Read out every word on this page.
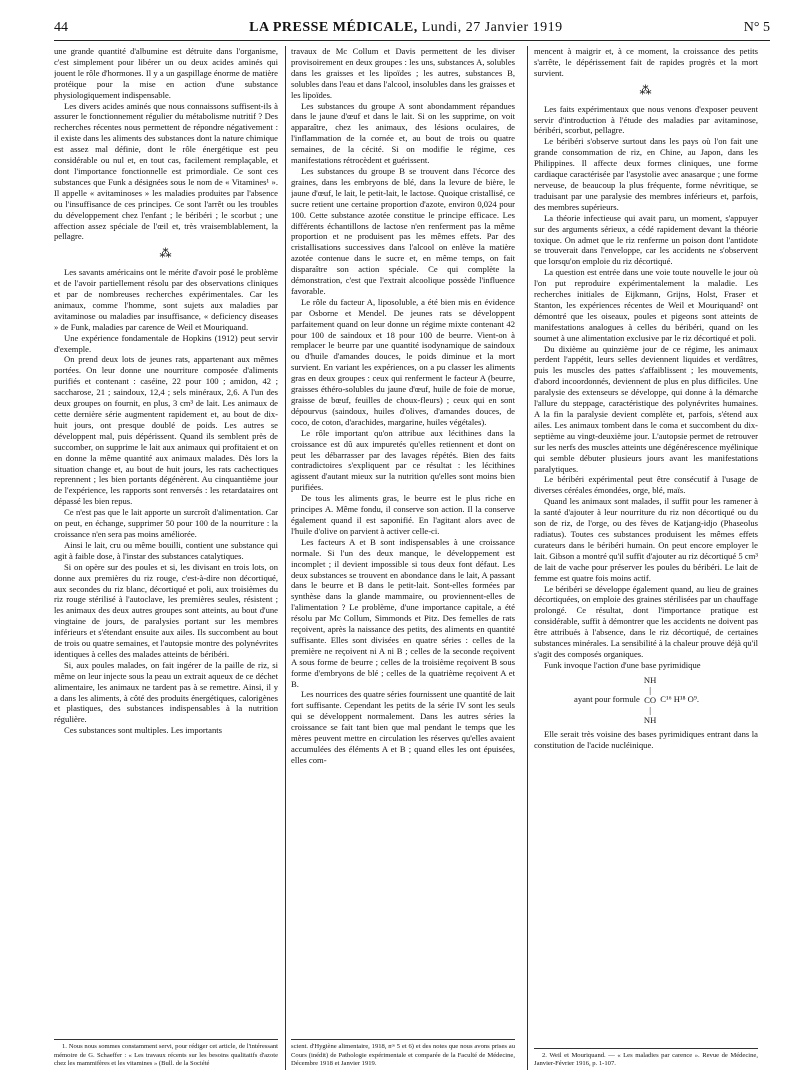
44	LA PRESSE MÉDICALE, Lundi, 27 Janvier 1919	N° 5

une grande quantité d'albumine est détruite dans l'organisme, c'est simplement pour libérer un ou deux acides aminés qui jouent le rôle d'hormones. Il y a un gaspillage énorme de matière protéique pour la mise en action d'une substance physiologiquement indispensable.

Les divers acides aminés que nous connaissons suffisent-ils à assurer le fonctionnement régulier du métabolisme nutritif ? Des recherches récentes nous permettent de répondre négativement : il existe dans les aliments des substances dont la nature chimique est assez mal définie, dont le rôle énergétique est peu considérable ou nul et, en tout cas, facilement remplaçable, et dont l'importance fonctionnelle est primordiale. Ce sont ces substances que Funk a désignées sous le nom de « Vitamines¹ ». Il appelle « avitaminoses » les maladies produites par l'absence ou l'insuffisance de ces principes. Ce sont l'arrêt ou les troubles du développement chez l'enfant ; le béribéri ; le scorbut ; une affection assez spéciale de l'œil et, très vraisemblablement, la pellagre.

⁂

Les savants américains ont le mérite d'avoir posé le problème et de l'avoir partiellement résolu par des observations cliniques et par de nombreuses recherches expérimentales. Car les animaux, comme l'homme, sont sujets aux maladies par avitaminose ou maladies par insuffisance, « deficiency diseases » de Funk, maladies par carence de Weil et Mouriquand.

Une expérience fondamentale de Hopkins (1912) peut servir d'exemple.

On prend deux lots de jeunes rats, appartenant aux mêmes portées. On leur donne une nourriture composée d'aliments purifiés et contenant : caséine, 22 pour 100 ; amidon, 42 ; saccharose, 21 ; saindoux, 12,4 ; sels minéraux, 2,6. A l'un des deux groupes on fournit, en plus, 3 cm³ de lait. Les animaux de cette dernière série augmentent rapidement et, au bout de dix-huit jours, ont presque doublé de poids. Les autres se développent mal, puis dépérissent. Quand ils semblent près de succomber, on supprime le lait aux animaux qui profitaient et on en donne la même quantité aux animaux malades. Dès lors la situation change et, au bout de huit jours, les rats cachectiques reprennent ; les bien portants dégénèrent. Au cinquantième jour de l'expérience, les rapports sont renversés : les retardataires ont dépassé les bien repus.

Ce n'est pas que le lait apporte un surcroît d'alimentation. Car on peut, en échange, supprimer 50 pour 100 de la nourriture : la croissance n'en sera pas moins améliorée.

Ainsi le lait, cru ou même bouilli, contient une substance qui agit à faible dose, à l'instar des substances catalytiques.

Si on opère sur des poules et si, les divisant en trois lots, on donne aux premières du riz rouge, c'est-à-dire non décortiqué, aux secondes du riz blanc, décortiqué et poli, aux troisièmes du riz rouge stérilisé à l'autoclave, les premières seules, résistent ; les animaux des deux autres groupes sont atteints, au bout d'une vingtaine de jours, de paralysies portant sur les membres inférieurs et s'étendant ensuite aux ailes. Ils succombent au bout de trois ou quatre semaines, et l'autopsie montre des polynévrites identiques à celles des malades atteints de béribéri.

Si, aux poules malades, on fait ingérer de la paille de riz, si même on leur injecte sous la peau un extrait aqueux de ce déchet alimentaire, les animaux ne tardent pas à se remettre. Ainsi, il y a dans les aliments, à côté des produits énergétiques, calorigènes et plastiques, des substances indispensables à la nutrition régulière.

Ces substances sont multiples. Les importants

1. Nous nous sommes constamment servi, pour rédiger cet article, de l'intéressant mémoire de G. Schaeffer : « Les travaux récents sur les besoins qualitatifs d'azote chez les mammifères et les vitamines » (Bull. de la Société

travaux de Mc Collum et Davis permettent de les diviser provisoirement en deux groupes : les uns, substances A, solubles dans les graisses et les lipoïdes ; les autres, substances B, solubles dans l'eau et dans l'alcool, insolubles dans les graisses et les lipoïdes.

Les substances du groupe A sont abondamment répandues dans le jaune d'œuf et dans le lait. Si on les supprime, on voit apparaître, chez les animaux, des lésions oculaires, de l'inflammation de la cornée et, au bout de trois ou quatre semaines, de la cécité. Si on modifie le régime, ces manifestations rétrocèdent et guérissent.

Les substances du groupe B se trouvent dans l'écorce des graines, dans les embryons de blé, dans la levure de bière, le jaune d'œuf, le lait, le petit-lait, le lactose. Quoique cristallisé, ce sucre retient une certaine proportion d'azote, environ 0,024 pour 100. Cette substance azotée constitue le principe efficace. Les différents échantillons de lactose n'en renferment pas la même proportion et ne produisent pas les mêmes effets. Par des cristallisations successives dans l'alcool on enlève la matière azotée contenue dans le sucre et, en même temps, on fait disparaître son action spéciale. Ce qui complète la démonstration, c'est que l'extrait alcoolique possède l'influence favorable.

Le rôle du facteur A, liposoluble, a été bien mis en évidence par Osborne et Mendel. De jeunes rats se développent parfaitement quand on leur donne un régime mixte contenant 42 pour 100 de saindoux et 18 pour 100 de beurre. Vient-on à remplacer le beurre par une quantité isodynamique de saindoux ou d'huile d'amandes douces, le poids diminue et la mort survient. En variant les expériences, on a pu classer les aliments gras en deux groupes : ceux qui renferment le facteur A (beurre, graisses éthéro-solubles du jaune d'œuf, huile de foie de morue, graisse de bœuf, feuilles de choux-fleurs) ; ceux qui en sont dépourvus (saindoux, huiles d'olives, d'amandes douces, de coco, de coton, d'arachides, margarine, huiles végétales).

Le rôle important qu'on attribue aux lécithines dans la croissance est dû aux impuretés qu'elles retiennent et dont on peut les débarrasser par des lavages répétés. Bien des faits contradictoires s'expliquent par ce résultat : les lécithines agissent d'autant mieux sur la nutrition qu'elles sont moins bien purifiées.

De tous les aliments gras, le beurre est le plus riche en principes A. Même fondu, il conserve son action. Il la conserve également quand il est saponifié. En l'agitant alors avec de l'huile d'olive on parvient à activer celle-ci.

Les facteurs A et B sont indispensables à une croissance normale. Si l'un des deux manque, le développement est incomplet ; il devient impossible si tous deux font défaut. Les deux substances se trouvent en abondance dans le lait, A passant dans le beurre et B dans le petit-lait. Sont-elles formées par synthèse dans la glande mammaire, ou proviennent-elles de l'alimentation ? Le problème, d'une importance capitale, a été résolu par Mc Collum, Simmonds et Pitz. Des femelles de rats reçoivent, après la naissance des petits, des aliments en quantité suffisante. Elles sont divisées en quatre séries : celles de la première ne reçoivent ni A ni B ; celles de la seconde reçoivent A sous forme de beurre ; celles de la troisième reçoivent B sous forme d'embryons de blé ; celles de la quatrième reçoivent A et B.

Les nourrices des quatre séries fournissent une quantité de lait fort suffisante. Cependant les petits de la série IV sont les seuls qui se développent normalement. Dans les autres séries la croissance se fait tant bien que mal pendant le temps que les mères peuvent mettre en circulation les réserves qu'elles avaient accumulées des éléments A et B ; quand elles les ont épuisées, elles com-

scient. d'Hygiène alimentaire, 1918, nᵒˢ 5 et 6) et des notes que nous avons prises au Cours (inédit) de Pathologie expérimentale et comparée de la Faculté de Médecine, Décembre 1918 et Janvier 1919.

mencent à maigrir et, à ce moment, la croissance des petits s'arrête, le dépérissement fait de rapides progrès et la mort survient.

⁂

Les faits expérimentaux que nous venons d'exposer peuvent servir d'introduction à l'étude des maladies par avitaminose, béribéri, scorbut, pellagre.

Le béribéri s'observe surtout dans les pays où l'on fait une grande consommation de riz, en Chine, au Japon, dans les Philippines. Il affecte deux formes cliniques, une forme cardiaque caractérisée par l'asystolie avec anasarque ; une forme nerveuse, de beaucoup la plus fréquente, forme névritique, se traduisant par une paralysie des membres inférieurs et, parfois, des membres supérieurs.

La théorie infectieuse qui avait paru, un moment, s'appuyer sur des arguments sérieux, a cédé rapidement devant la théorie toxique. On admet que le riz renferme un poison dont l'antidote se trouverait dans l'enveloppe, car les accidents ne s'observent que lorsqu'on emploie du riz décortiqué.

La question est entrée dans une voie toute nouvelle le jour où l'on put reproduire expérimentalement la maladie. Les recherches initiales de Eijkmann, Grijns, Holst, Fraser et Stanton, les expériences récentes de Weil et Mouriquand² ont démontré que les oiseaux, poules et pigeons sont atteints de manifestations analogues à celles du béribéri, quand on les soumet à une alimentation exclusive par le riz décortiqué et poli.

Du dixième au quinzième jour de ce régime, les animaux perdent l'appétit, leurs selles deviennent liquides et verdâtres, puis les muscles des pattes s'affaiblissent ; les mouvements, d'abord incoordonnés, deviennent de plus en plus difficiles. Une paralysie des extenseurs se développe, qui donne à la démarche l'allure du steppage, caractéristique des polynévrites humaines. A la fin la paralysie devient complète et, parfois, s'étend aux ailes. Les animaux tombent dans le coma et succombent du dix-septième au vingt-deuxième jour. L'autopsie permet de retrouver sur les nerfs des muscles atteints une dégénérescence myélinique qui semble débuter plusieurs jours avant les manifestations paralytiques.

Le béribéri expérimental peut être consécutif à l'usage de diverses céréales émondées, orge, blé, maïs.

Quand les animaux sont malades, il suffit pour les ramener à la santé d'ajouter à leur nourriture du riz non décortiqué ou du son de riz, de l'orge, ou des fèves de Katjang-idjo (Phaseolus radiatus). Toutes ces substances produisent les mêmes effets curateurs dans le béribéri humain. On peut encore employer le lait. Gibson a montré qu'il suffit d'ajouter au riz décortiqué 5 cm³ de lait de vache pour préserver les poules du béribéri. Le lait de femme est quatre fois moins actif.

Le béribéri se développe également quand, au lieu de graines décortiquées, on emploie des graines stérilisées par un chauffage prolongé. Ce résultat, dont l'importance pratique est considérable, suffit à démontrer que les accidents ne doivent pas être attribués à l'absence, dans le riz décortiqué, de certaines substances minérales. La sensibilité à la chaleur prouve déjà qu'il s'agit des composés organiques.

Funk invoque l'action d'une base pyrimidique

ayant pour formule
NH
|
CO
|
NH
C¹⁶ H¹⁸ O⁹.

Elle serait très voisine des bases pyrimidiques entrant dans la constitution de l'acide nucléinique.

2. Weil et Mouriquand. — « Les maladies par carence ». Revue de Médecine, Janvier-Février 1916, p. 1-107.
